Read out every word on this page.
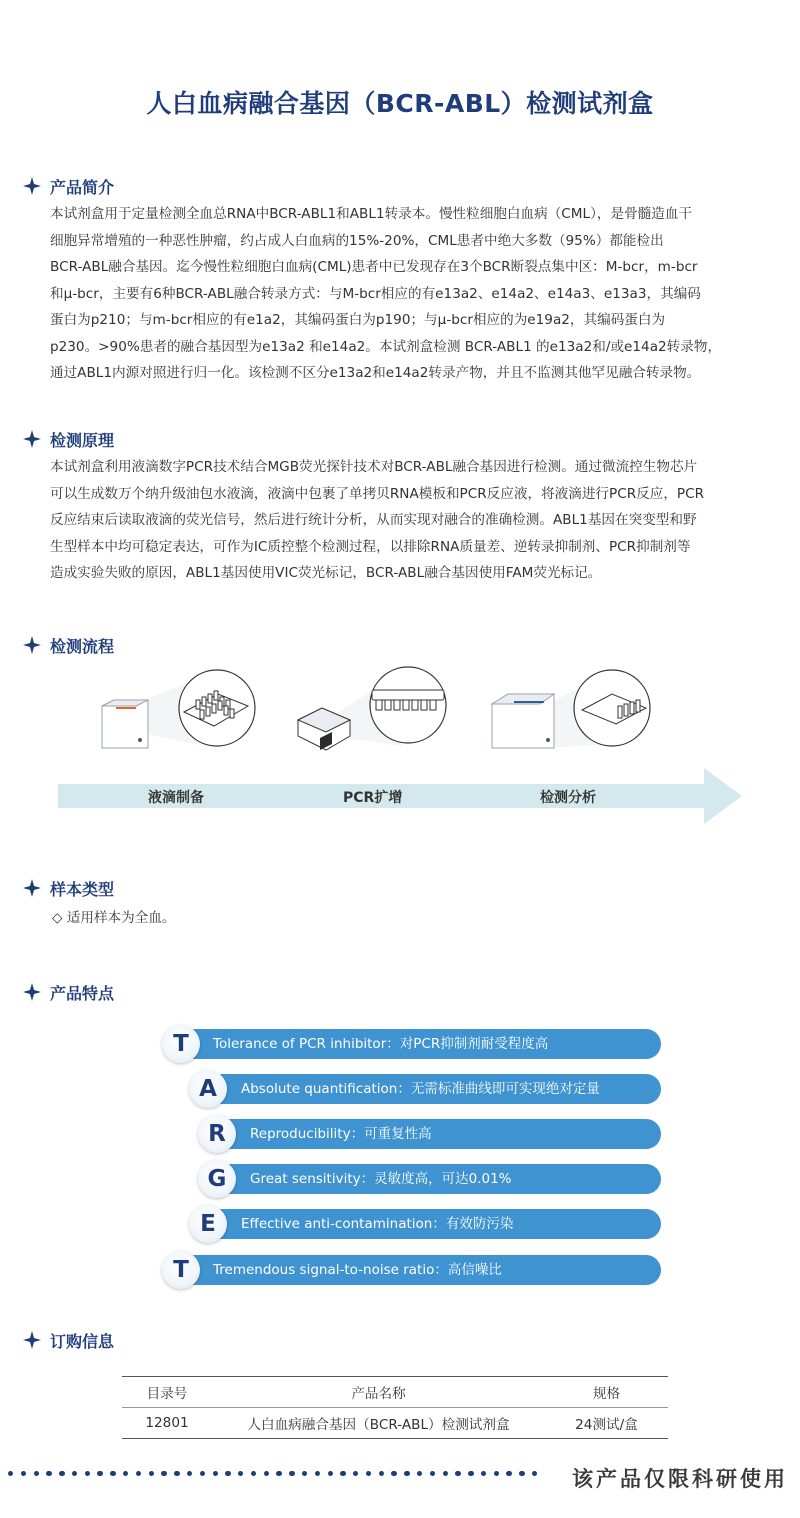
人白血病融合基因（BCR-ABL）检测试剂盒
产品简介
本试剂盒用于定量检测全血总RNA中BCR-ABL1和ABL1转录本。慢性粒细胞白血病（CML），是骨髓造血干
细胞异常增殖的一种恶性肿瘤，约占成人白血病的15%-20%，CML患者中绝大多数（95%）都能检出
BCR-ABL融合基因。迄今慢性粒细胞白血病(CML)患者中已发现存在3个BCR断裂点集中区：M-bcr，m-bcr
和μ-bcr，主要有6种BCR-ABL融合转录方式：与M-bcr相应的有e13a2、e14a2、e14a3、e13a3，其编码
蛋白为p210；与m-bcr相应的有e1a2，其编码蛋白为p190；与μ-bcr相应的为e19a2，其编码蛋白为
p230。>90%患者的融合基因型为e13a2 和e14a2。本试剂盒检测 BCR-ABL1 的e13a2和/或e14a2转录物，
通过ABL1内源对照进行归一化。该检测不区分e13a2和e14a2转录产物，并且不监测其他罕见融合转录物。
检测原理
本试剂盒利用液滴数字PCR技术结合MGB荧光探针技术对BCR-ABL融合基因进行检测。通过微流控生物芯片
可以生成数万个纳升级油包水液滴，液滴中包裹了单拷贝RNA模板和PCR反应液，将液滴进行PCR反应，PCR
反应结束后读取液滴的荧光信号，然后进行统计分析，从而实现对融合的准确检测。ABL1基因在突变型和野
生型样本中均可稳定表达，可作为IC质控整个检测过程，以排除RNA质量差、逆转录抑制剂、PCR抑制剂等
造成实验失败的原因，ABL1基因使用VIC荧光标记，BCR-ABL融合基因使用FAM荧光标记。
检测流程
液滴制备	PCR扩增	检测分析
样本类型
◇ 适用样本为全血。
产品特点
Tolerance of PCR inhibitor：对PCR抑制剂耐受程度高
T
Absolute quantification：无需标准曲线即可实现绝对定量
A
Reproducibility：可重复性高
R
Great sensitivity：灵敏度高，可达0.01%
G
Effective anti-contamination：有效防污染
E
Tremendous signal-to-noise ratio：高信噪比
T
订购信息
目录号	产品名称	规格
12801	人白血病融合基因（BCR-ABL）检测试剂盒	24测试/盒
该产品仅限科研使用
